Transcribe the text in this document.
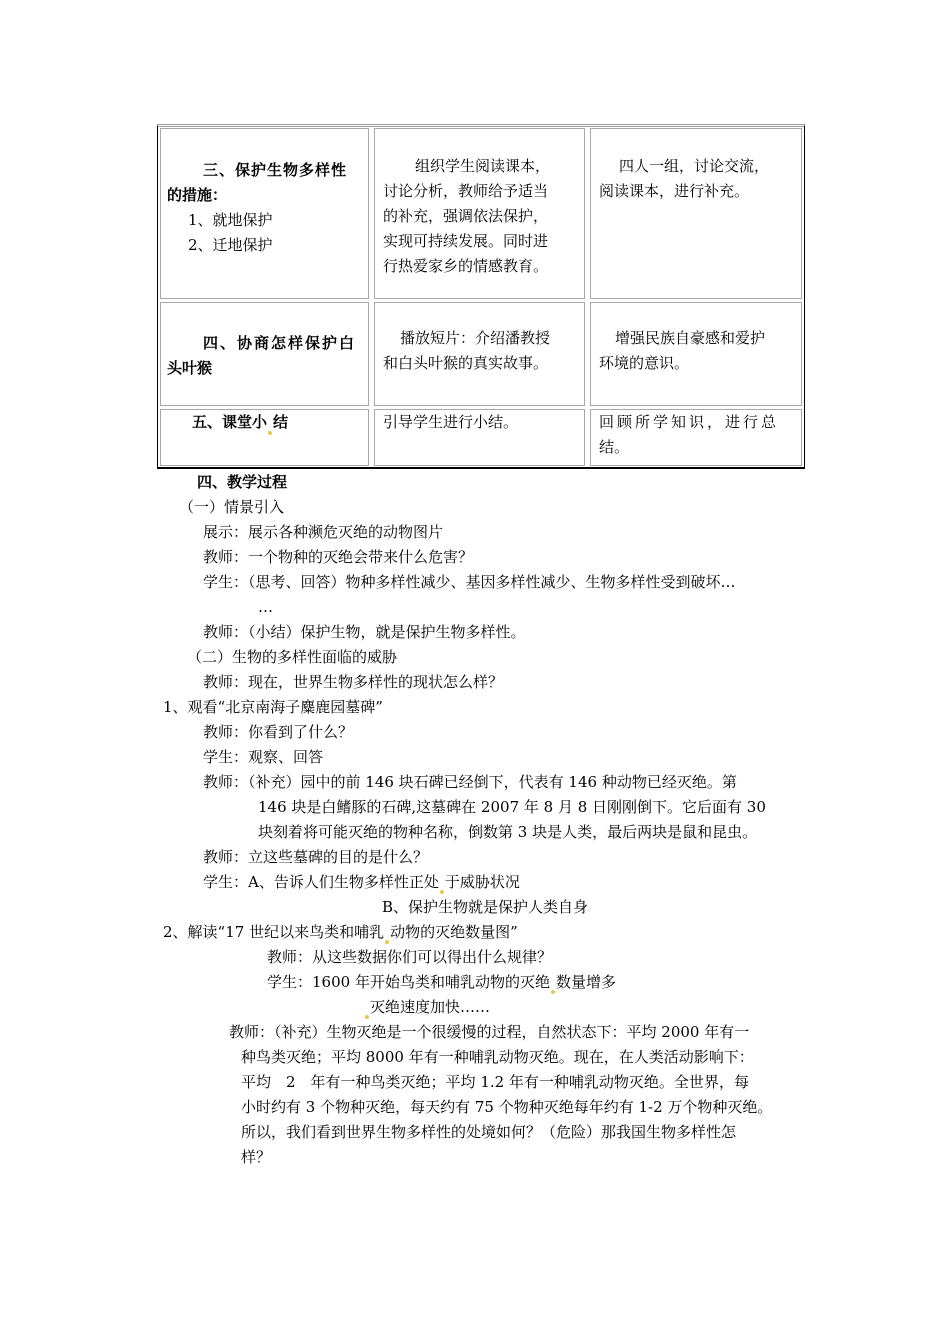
三、保护生物多样性
的措施：
1、就地保护
2、迁地保护
组织学生阅读课本，
讨论分析，教师给予适当
的补充，强调依法保护，
实现可持续发展。同时进
行热爱家乡的情感教育。
四人一组，讨论交流，
阅读课本，进行补充。
四、协商怎样保护白
头叶猴
播放短片：介绍潘教授
和白头叶猴的真实故事。
增强民族自豪感和爱护
环境的意识。
五、课堂小 结	引导学生进行小结。	回顾所学知识，进行总
结。
四、教学过程
（一）情景引入
展示：展示各种濒危灭绝的动物图片
教师：一个物种的灭绝会带来什么危害？
学生：（思考、回答）物种多样性减少、基因多样性减少、生物多样性受到破坏…
…
教师：（小结）保护生物，就是保护生物多样性。
（二）生物的多样性面临的威胁
教师：现在，世界生物多样性的现状怎么样？
1、观看“北京南海子麋鹿园墓碑”
教师：你看到了什么？
学生：观察、回答
教师：（补充）园中的前 146 块石碑已经倒下，代表有 146 种动物已经灭绝。第
146 块是白鳍豚的石碑,这墓碑在 2007 年 8 月 8 日刚刚倒下。它后面有 30
块刻着将可能灭绝的物种名称，倒数第 3 块是人类，最后两块是鼠和昆虫。
教师：立这些墓碑的目的是什么？
学生：A、告诉人们生物多样性正处 于威胁状况
B、保护生物就是保护人类自身
2、解读“17 世纪以来鸟类和哺乳 动物的灭绝数量图”
教师：从这些数据你们可以得出什么规律？
学生：1600 年开始鸟类和哺乳动物的灭绝 数量增多
灭绝速度加快……
教师：（补充）生物灭绝是一个很缓慢的过程，自然状态下：平均 2000 年有一
种鸟类灭绝；平均 8000 年有一种哺乳动物灭绝。现在，在人类活动影响下：
平均　2　年有一种鸟类灭绝；平均 1.2 年有一种哺乳动物灭绝。全世界，每
小时约有 3 个物种灭绝，每天约有 75 个物种灭绝每年约有 1-2 万个物种灭绝。
所以，我们看到世界生物多样性的处境如何？（危险）那我国生物多样性怎
样？
